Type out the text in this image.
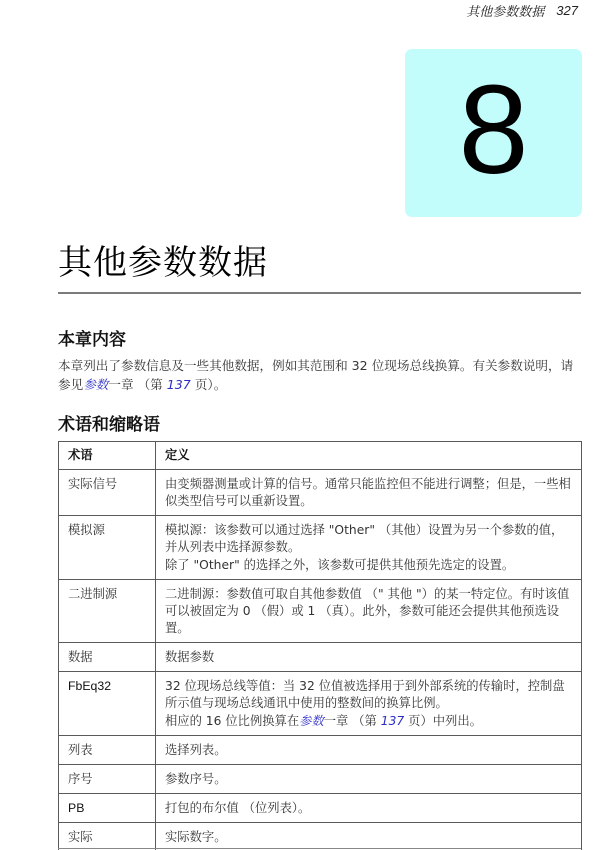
其他参数数据 327
8
其他参数数据
本章内容

本章列出了参数信息及一些其他数据，例如其范围和 32 位现场总线换算。有关参数说明，请参见参数一章 （第 137 页）。

术语和缩略语
术语	定义
实际信号	由变频器测量或计算的信号。通常只能监控但不能进行调整；但是，一些相似类型信号可以重新设置。

模拟源	模拟源：该参数可以通过选择 "Other" （其他）设置为另一个参数的值，并从列表中选择源参数。

除了 "Other" 的选择之外，该参数可提供其他预先选定的设置。

二进制源	二进制源：参数值可取自其他参数值 （" 其他 "）的某一特定位。有时该值可以被固定为 0 （假）或 1 （真）。此外，参数可能还会提供其他预选设置。

数据	数据参数

FbEq32	32 位现场总线等值：当 32 位值被选择用于到外部系统的传输时，控制盘所示值与现场总线通讯中使用的整数间的换算比例。

相应的 16 位比例换算在参数一章 （第 137 页）中列出。

列表	选择列表。

序号	参数序号。

PB	打包的布尔值 （位列表）。

实际	实际数字。
